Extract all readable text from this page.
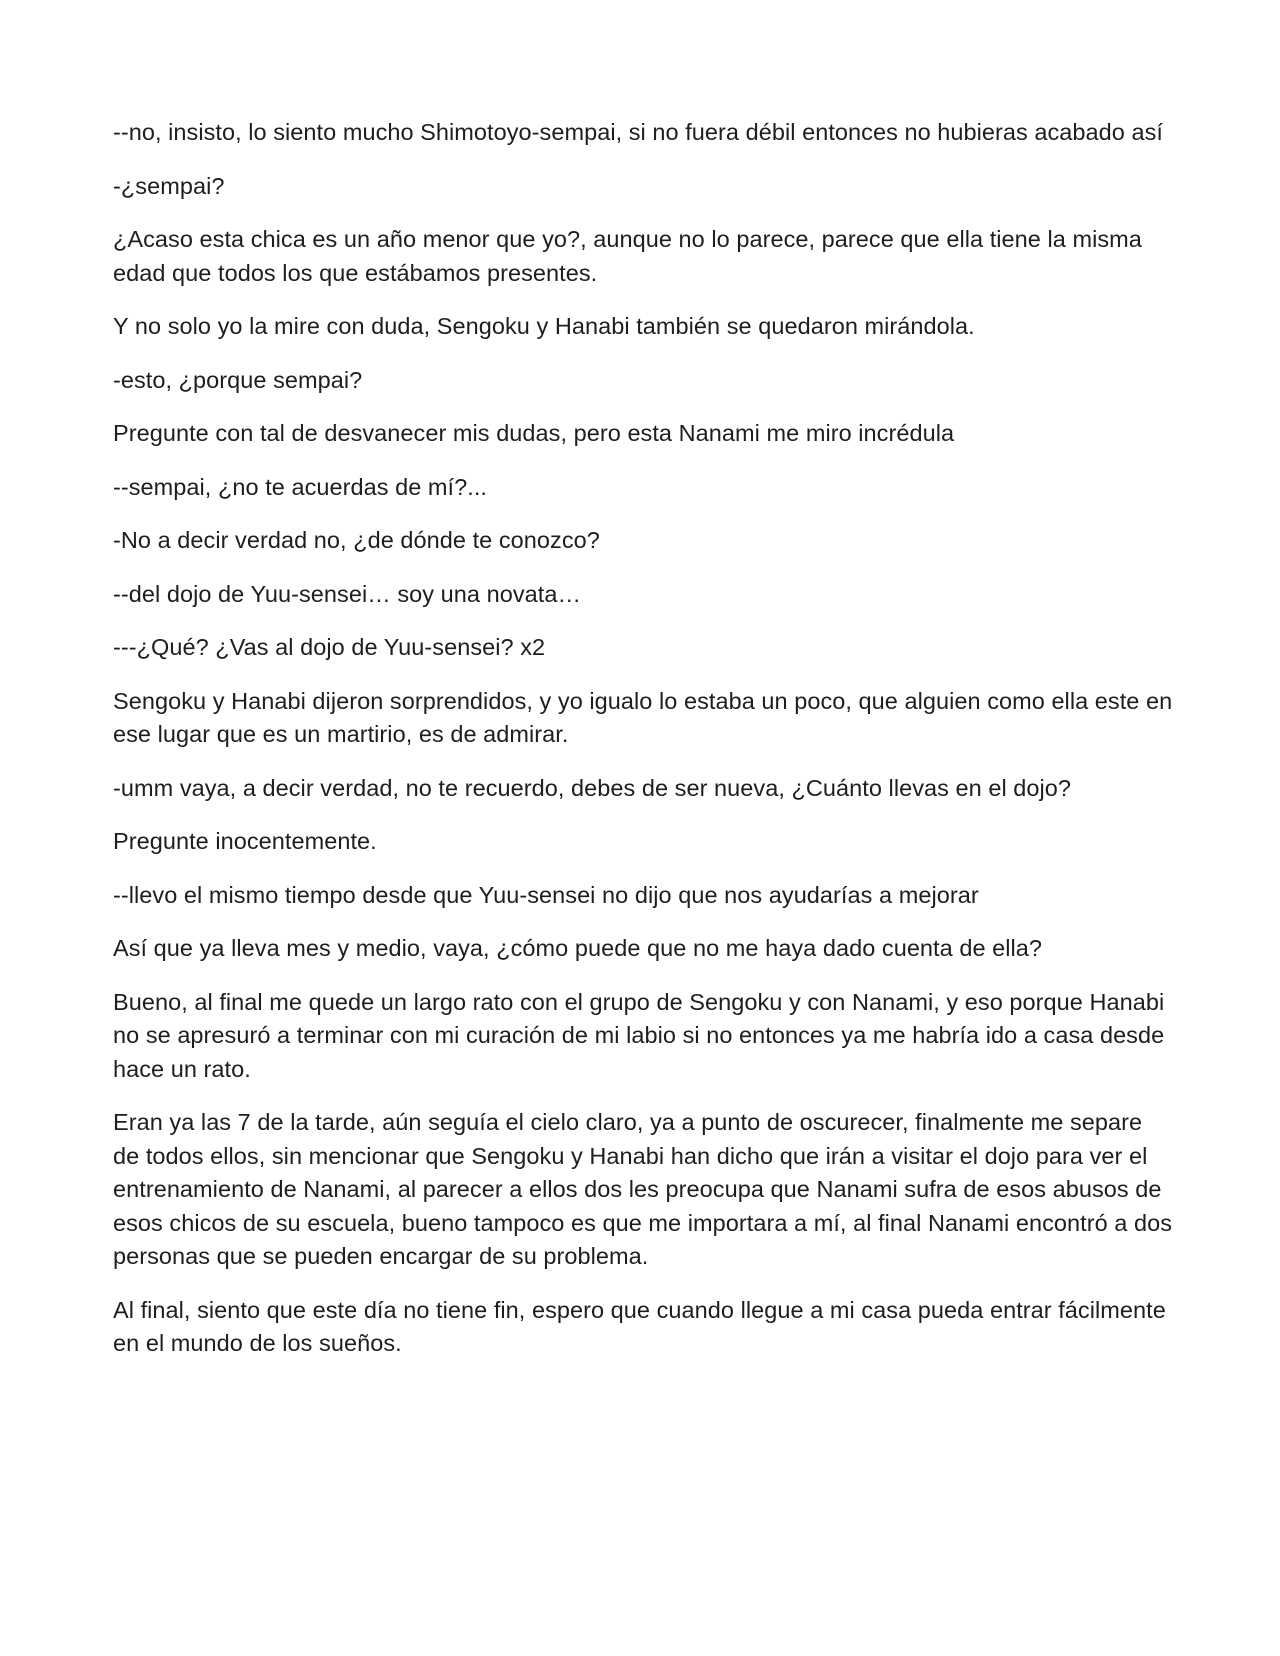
--no, insisto, lo siento mucho Shimotoyo-sempai, si no fuera débil entonces no hubieras acabado así

-¿sempai?

¿Acaso esta chica es un año menor que yo?, aunque no lo parece, parece que ella tiene la misma edad que todos los que estábamos presentes.

Y no solo yo la mire con duda, Sengoku y Hanabi también se quedaron mirándola.

-esto, ¿porque sempai?

Pregunte con tal de desvanecer mis dudas, pero esta Nanami me miro incrédula

--sempai, ¿no te acuerdas de mí?...

-No a decir verdad no, ¿de dónde te conozco?

--del dojo de Yuu-sensei… soy una novata…

---¿Qué? ¿Vas al dojo de Yuu-sensei? x2

Sengoku y Hanabi dijeron sorprendidos, y yo igualo lo estaba un poco, que alguien como ella este en ese lugar que es un martirio, es de admirar.

-umm vaya, a decir verdad, no te recuerdo, debes de ser nueva, ¿Cuánto llevas en el dojo?

Pregunte inocentemente.

--llevo el mismo tiempo desde que Yuu-sensei no dijo que nos ayudarías a mejorar

Así que ya lleva mes y medio, vaya, ¿cómo puede que no me haya dado cuenta de ella?

Bueno, al final me quede un largo rato con el grupo de Sengoku y con Nanami, y eso porque Hanabi no se apresuró a terminar con mi curación de mi labio si no entonces ya me habría ido a casa desde hace un rato.

Eran ya las 7 de la tarde, aún seguía el cielo claro, ya a punto de oscurecer, finalmente me separe de todos ellos, sin mencionar que Sengoku y Hanabi han dicho que irán a visitar el dojo para ver el entrenamiento de Nanami, al parecer a ellos dos les preocupa que Nanami sufra de esos abusos de esos chicos de su escuela, bueno tampoco es que me importara a mí, al final Nanami encontró a dos personas que se pueden encargar de su problema.

Al final, siento que este día no tiene fin, espero que cuando llegue a mi casa pueda entrar fácilmente en el mundo de los sueños.
